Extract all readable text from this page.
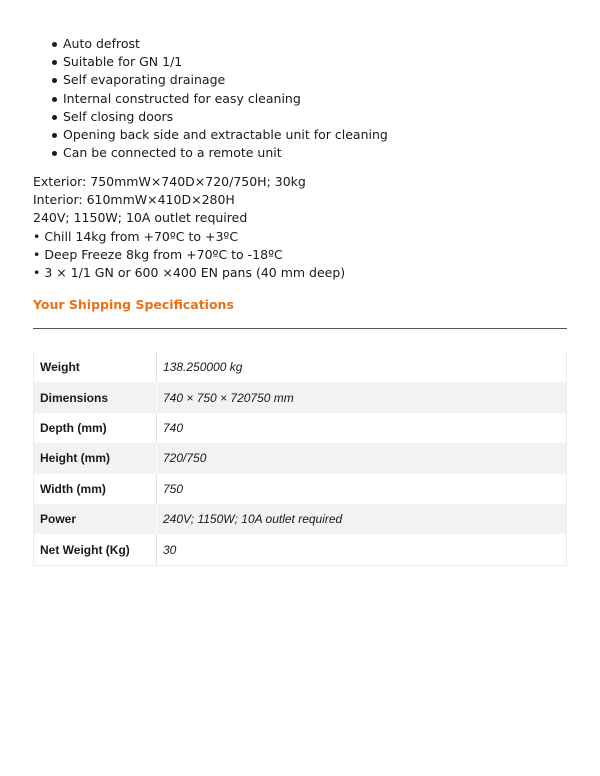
Auto defrost
Suitable for GN 1/1
Self evaporating drainage
Internal constructed for easy cleaning
Self closing doors
Opening back side and extractable unit for cleaning
Can be connected to a remote unit
Exterior: 750mmW×740D×720/750H; 30kg
Interior: 610mmW×410D×280H
240V; 1150W; 10A outlet required
• Chill 14kg from +70ºC to +3ºC
• Deep Freeze 8kg from +70ºC to -18ºC
• 3 × 1/1 GN or 600 ×400 EN pans (40 mm deep)
Your Shipping Specifications
Weight	138.250000 kg
Dimensions	740 × 750 × 720750 mm
Depth (mm)	740
Height (mm)	720/750
Width (mm)	750
Power	240V; 1150W; 10A outlet required
Net Weight (Kg)	30
